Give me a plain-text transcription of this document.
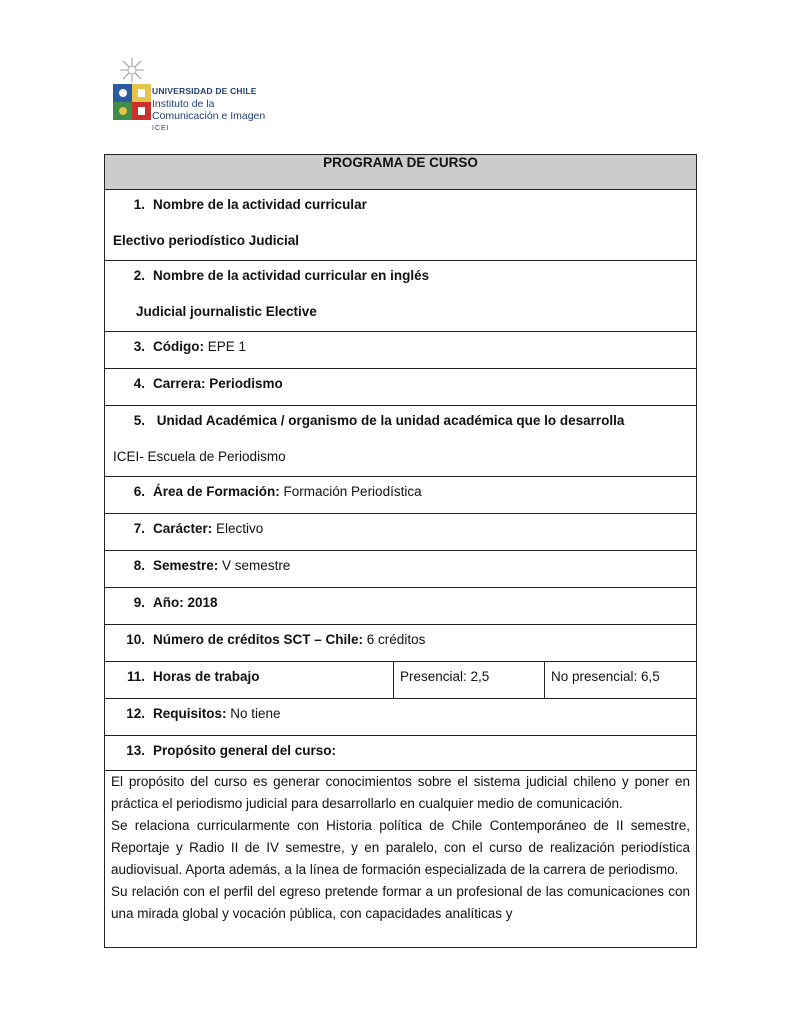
UNIVERSIDAD DE CHILE
Instituto de la
Comunicación e Imagen
ICEI
PROGRAMA DE CURSO

1. Nombre de la actividad curricular
Electivo periodístico Judicial

2. Nombre de la actividad curricular en inglés
Judicial journalistic Elective

3. Código: EPE 1
4. Carrera: Periodismo

5. Unidad Académica / organismo de la unidad académica que lo desarrolla
ICEI- Escuela de Periodismo

6. Área de Formación: Formación Periodística
7. Carácter: Electivo
8. Semestre: V semestre
9. Año: 2018
10. Número de créditos SCT – Chile: 6 créditos
11. Horas de trabajo	Presencial: 2,5	No presencial: 6,5
12. Requisitos: No tiene
13. Propósito general del curso:

El propósito del curso es generar conocimientos sobre el sistema judicial chileno y poner en práctica el periodismo judicial para desarrollarlo en cualquier medio de comunicación.

Se relaciona curricularmente con Historia política de Chile Contemporáneo de II semestre, Reportaje y Radio II de IV semestre, y en paralelo, con el curso de realización periodística audiovisual. Aporta además, a la línea de formación especializada de la carrera de periodismo.

Su relación con el perfil del egreso pretende formar a un profesional de las comunicaciones con una mirada global y vocación pública, con capacidades analíticas y
